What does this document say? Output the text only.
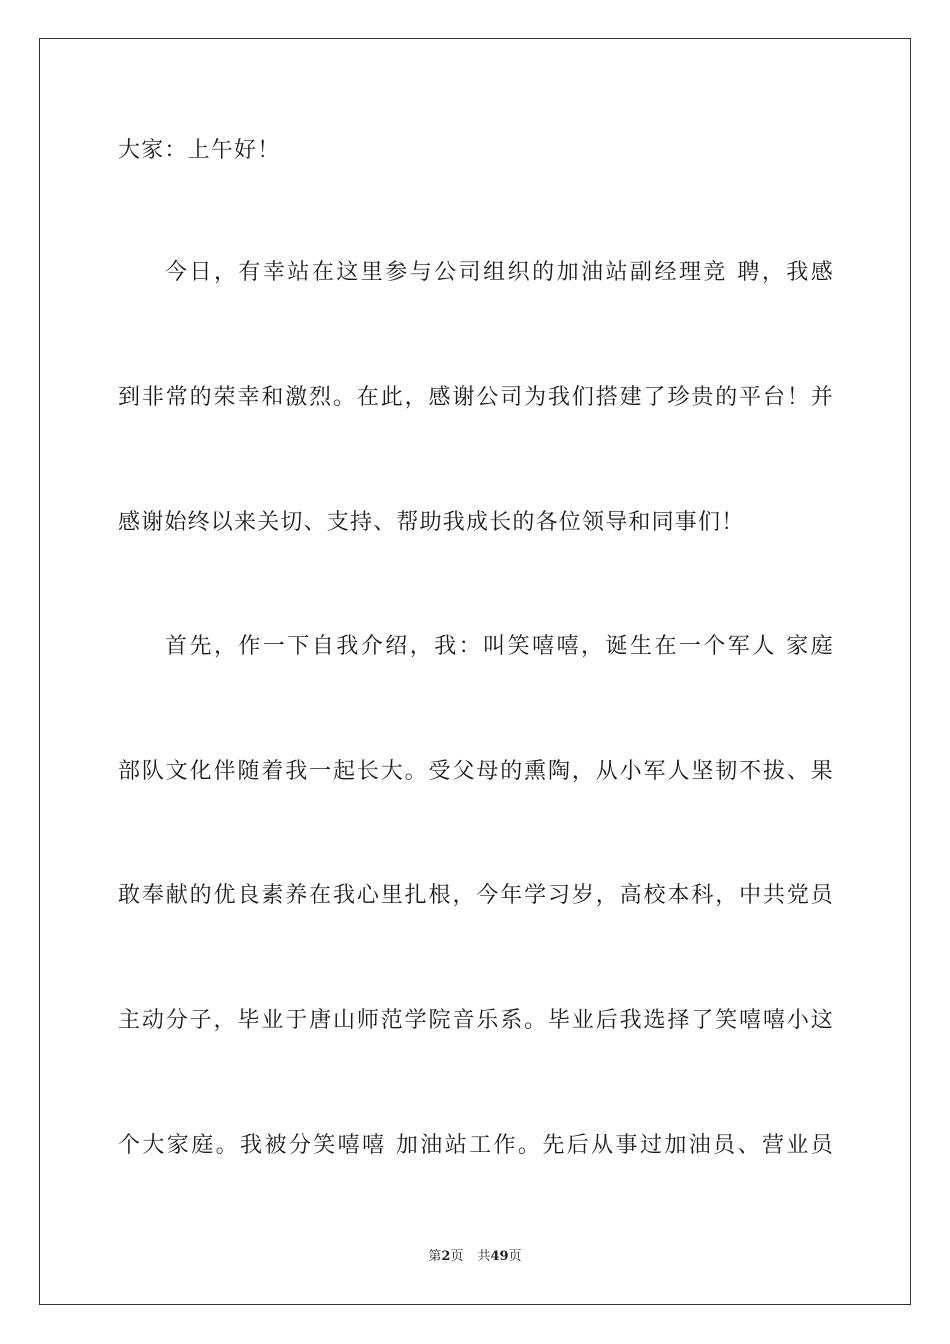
大家：上午好！
今日，有幸站在这里参与公司组织的加油站副经理竞 聘，我感
到非常的荣幸和激烈。在此，感谢公司为我们搭建了珍贵的平台！并
感谢始终以来关切、支持、帮助我成长的各位领导和同事们！
首先，作一下自我介绍，我：叫笑嘻嘻，诞生在一个军人 家庭
部队文化伴随着我一起长大。受父母的熏陶，从小军人坚韧不拔、果
敢奉献的优良素养在我心里扎根，今年学习岁，高校本科，中共党员
主动分子，毕业于唐山师范学院音乐系。毕业后我选择了笑嘻嘻小这
个大家庭。我被分笑嘻嘻 加油站工作。先后从事过加油员、营业员
第2页 共49页
